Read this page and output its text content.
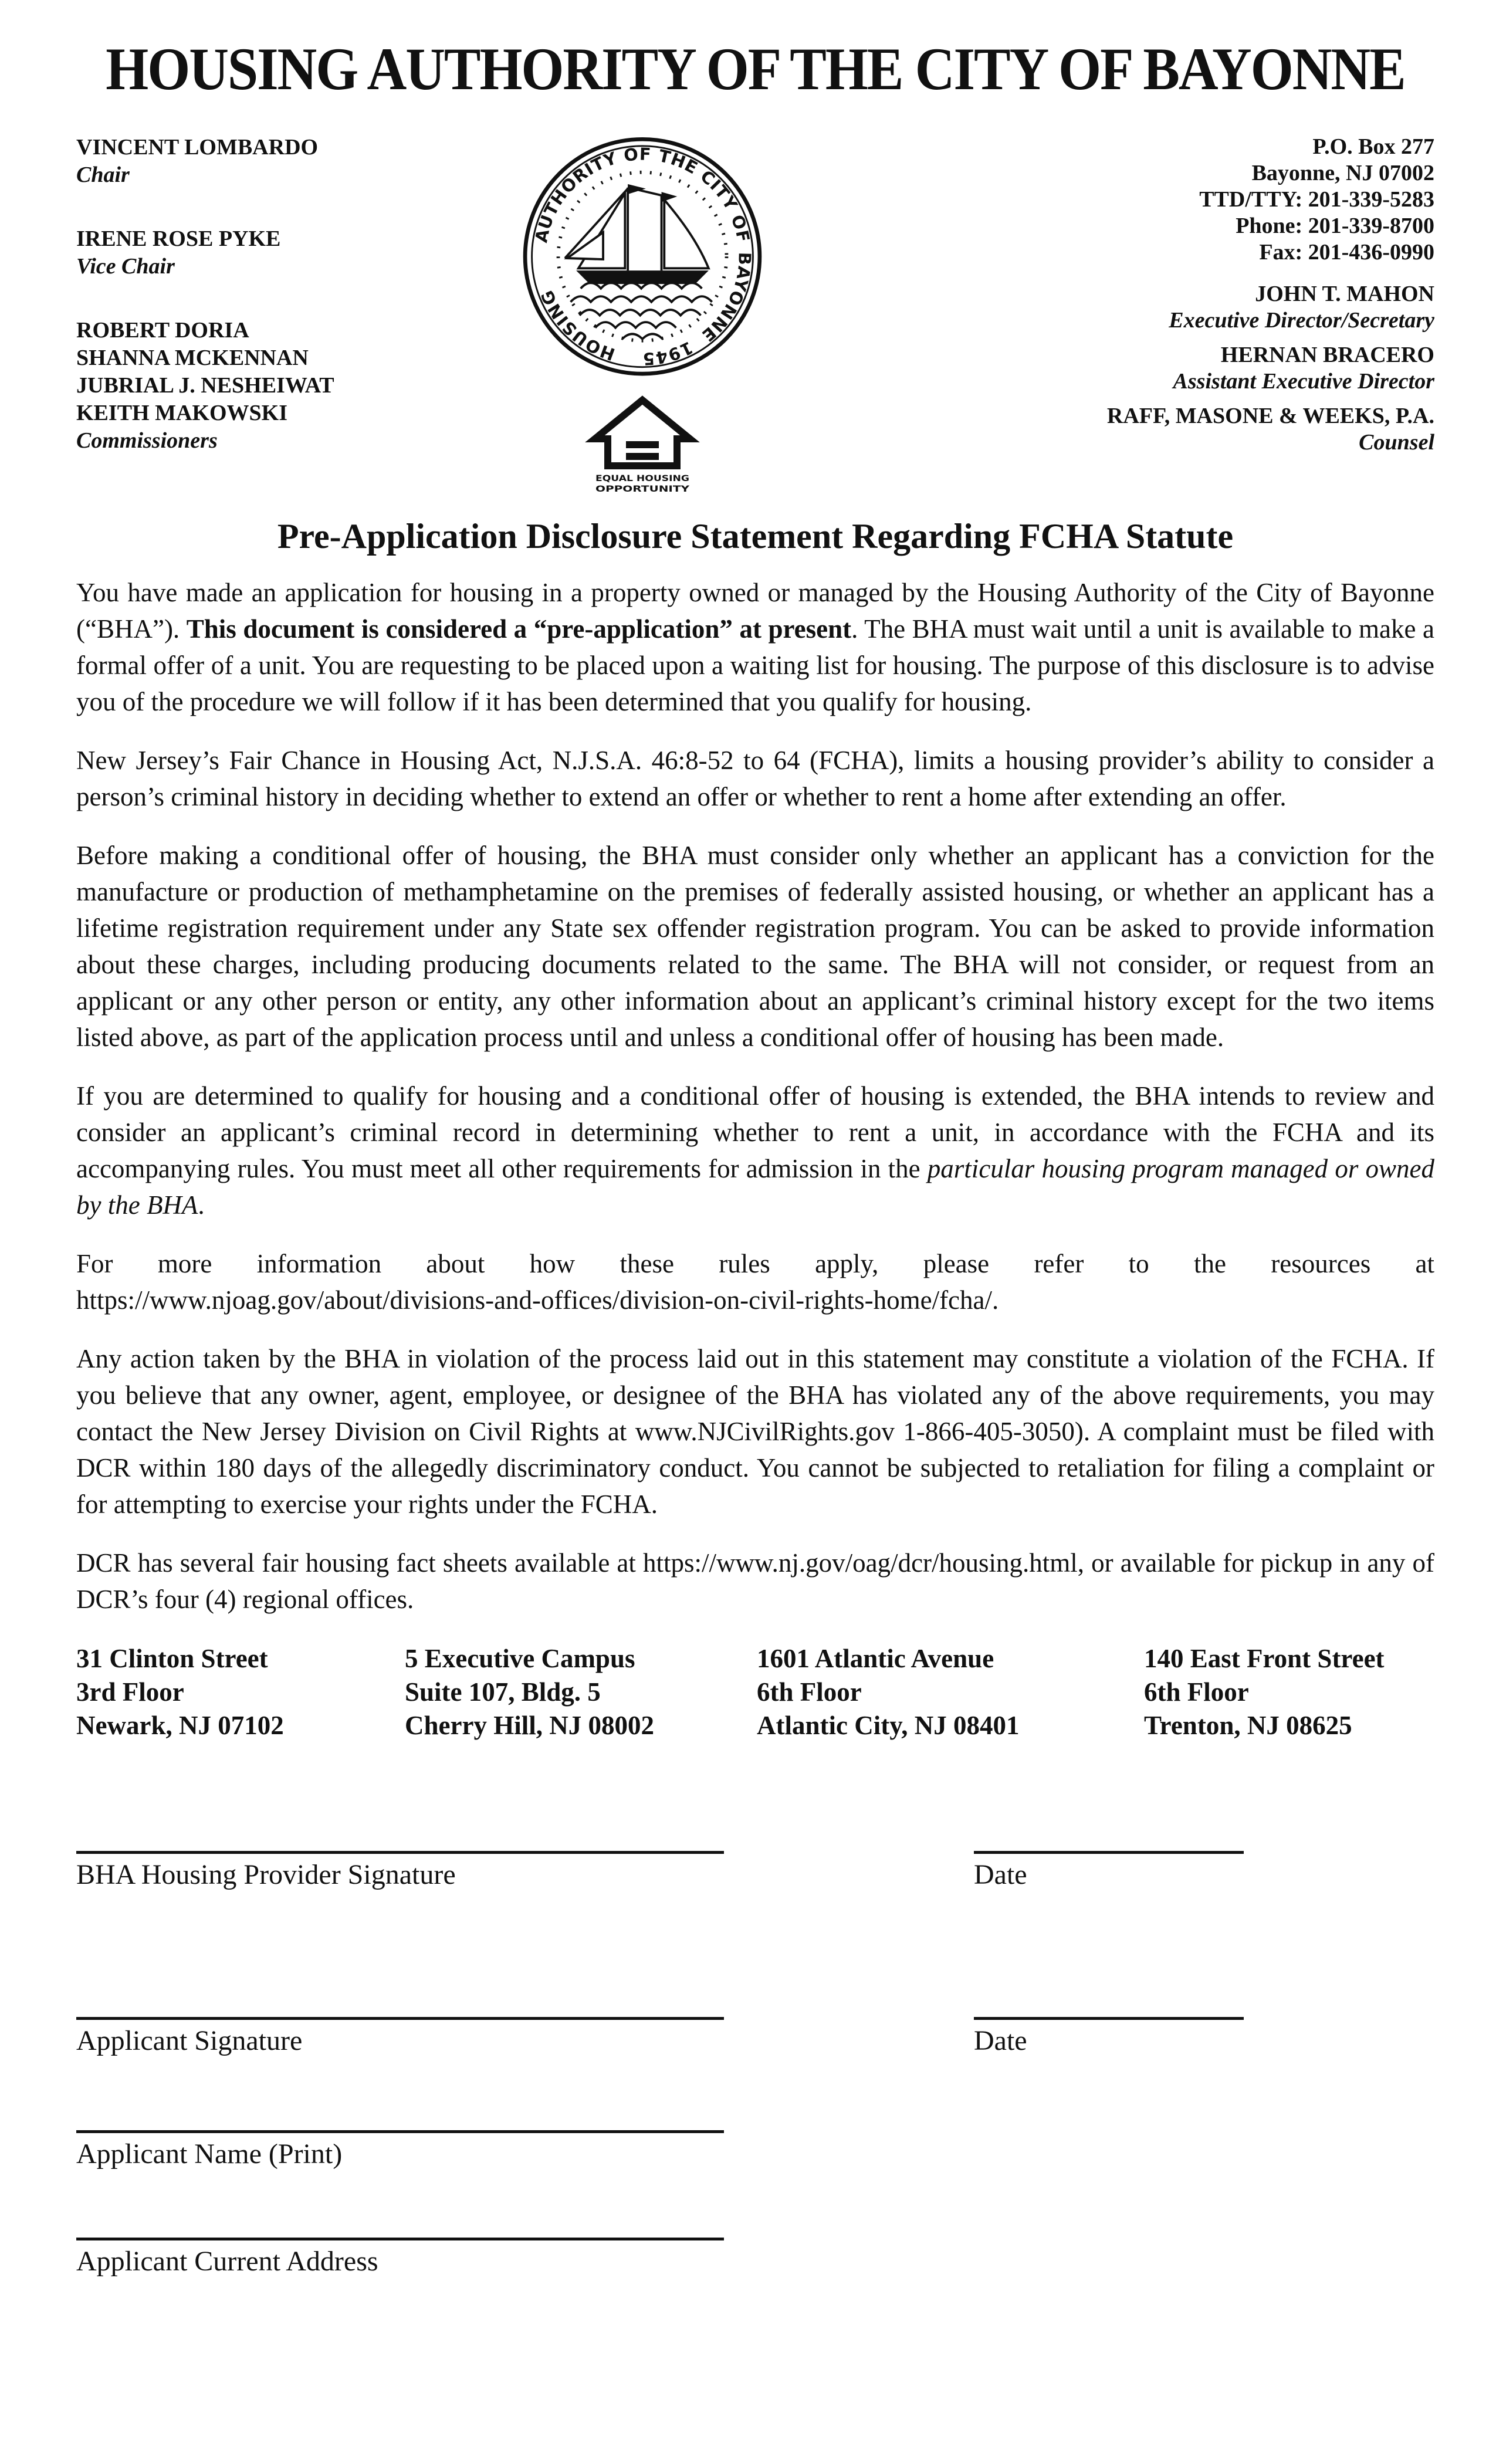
HOUSING AUTHORITY OF THE CITY OF BAYONNE
VINCENT LOMBARDO
Chair
IRENE ROSE PYKE
Vice Chair
ROBERT DORIA
SHANNA MCKENNAN
JUBRIAL J. NESHEIWAT
KEITH MAKOWSKI
Commissioners
AUTHORITY OF THE CITY OF
BAYONNE
1945
HOUSING
EQUAL HOUSING
OPPORTUNITY
P.O. Box 277
Bayonne, NJ 07002
TTD/TTY: 201-339-5283
Phone: 201-339-8700
Fax: 201-436-0990
JOHN T. MAHON
Executive Director/Secretary
HERNAN BRACERO
Assistant Executive Director
RAFF, MASONE & WEEKS, P.A.
Counsel
Pre-Application Disclosure Statement Regarding FCHA Statute

You have made an application for housing in a property owned or managed by the Housing Authority of the City of Bayonne (“BHA”). This document is considered a “pre-application” at present. The BHA must wait until a unit is available to make a formal offer of a unit. You are requesting to be placed upon a waiting list for housing. The purpose of this disclosure is to advise you of the procedure we will follow if it has been determined that you qualify for housing.

New Jersey’s Fair Chance in Housing Act, N.J.S.A. 46:8-52 to 64 (FCHA), limits a housing provider’s ability to consider a person’s criminal history in deciding whether to extend an offer or whether to rent a home after extending an offer.

Before making a conditional offer of housing, the BHA must consider only whether an applicant has a conviction for the manufacture or production of methamphetamine on the premises of federally assisted housing, or whether an applicant has a lifetime registration requirement under any State sex offender registration program. You can be asked to provide information about these charges, including producing documents related to the same. The BHA will not consider, or request from an applicant or any other person or entity, any other information about an applicant’s criminal history except for the two items listed above, as part of the application process until and unless a conditional offer of housing has been made.

If you are determined to qualify for housing and a conditional offer of housing is extended, the BHA intends to review and consider an applicant’s criminal record in determining whether to rent a unit, in accordance with the FCHA and its accompanying rules. You must meet all other requirements for admission in the particular housing program managed or owned by the BHA.

For more information about how these rules apply, please refer to the resources at https://www.njoag.gov/about/divisions-and-offices/division-on-civil-rights-home/fcha/.

Any action taken by the BHA in violation of the process laid out in this statement may constitute a violation of the FCHA. If you believe that any owner, agent, employee, or designee of the BHA has violated any of the above requirements, you may contact the New Jersey Division on Civil Rights at www.NJCivilRights.gov 1-866-405-3050). A complaint must be filed with DCR within 180 days of the allegedly discriminatory conduct. You cannot be subjected to retaliation for filing a complaint or for attempting to exercise your rights under the FCHA.

DCR has several fair housing fact sheets available at https://www.nj.gov/oag/dcr/housing.html, or available for pickup in any of DCR’s four (4) regional offices.

31 Clinton Street
3rd Floor
Newark, NJ 07102
5 Executive Campus
Suite 107, Bldg. 5
Cherry Hill, NJ 08002
1601 Atlantic Avenue
6th Floor
Atlantic City, NJ 08401
140 East Front Street
6th Floor
Trenton, NJ 08625
BHA Housing Provider Signature	Date
Applicant Signature	Date
Applicant Name (Print)
Applicant Current Address
